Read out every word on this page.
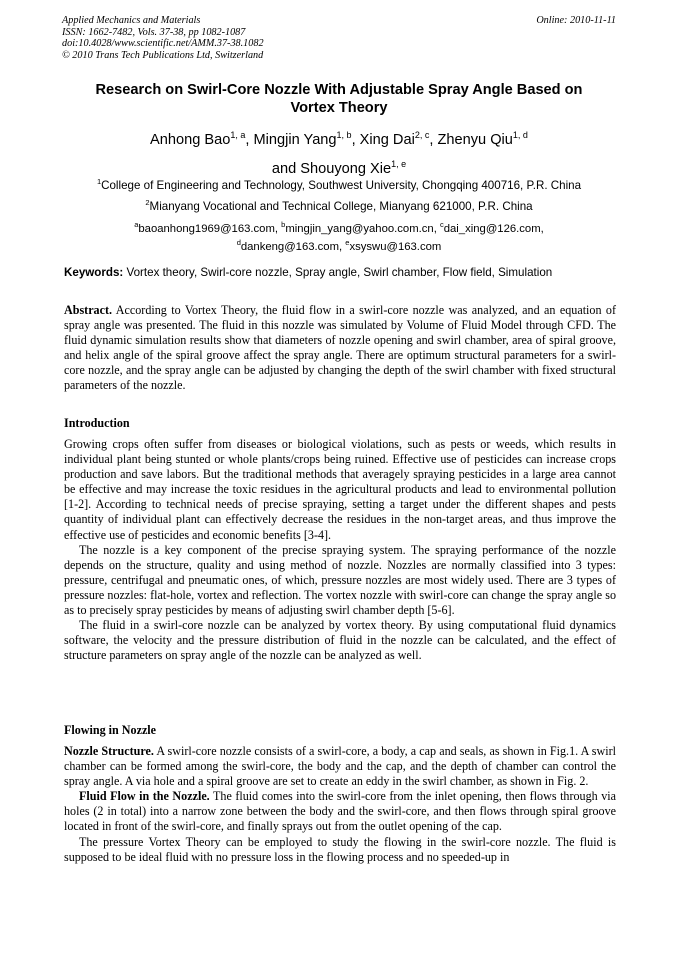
Applied Mechanics and Materials	Online: 2010-11-11
ISSN: 1662-7482, Vols. 37-38, pp 1082-1087
doi:10.4028/www.scientific.net/AMM.37-38.1082
© 2010 Trans Tech Publications Ltd, Switzerland
Research on Swirl-Core Nozzle With Adjustable Spray Angle Based on
Vortex Theory
Anhong Bao$^{1, a}$, Mingjin Yang$^{1, b}$, Xing Dai$^{2, c}$, Zhenyu Qiu$^{1, d}$
and Shouyong Xie$^{1, e}$
$^1$College of Engineering and Technology, Southwest University, Chongqing 400716, P.R. China
$^2$Mianyang Vocational and Technical College, Mianyang 621000, P.R. China
$^a$baoanhong1969@163.com, $^b$mingjin_yang@yahoo.com.cn, $^c$dai_xing@126.com,
$^d$dankeng@163.com, $^e$xsyswu@163.com
Keywords: Vortex theory, Swirl-core nozzle, Spray angle, Swirl chamber, Flow field, Simulation

Abstract. According to Vortex Theory, the fluid flow in a swirl-core nozzle was analyzed, and an equation of spray angle was presented. The fluid in this nozzle was simulated by Volume of Fluid Model through CFD. The fluid dynamic simulation results show that diameters of nozzle opening and swirl chamber, area of spiral groove, and helix angle of the spiral groove affect the spray angle. There are optimum structural parameters for a swirl-core nozzle, and the spray angle can be adjusted by changing the depth of the swirl chamber with fixed structural parameters of the nozzle.

Introduction

Growing crops often suffer from diseases or biological violations, such as pests or weeds, which results in individual plant being stunted or whole plants/crops being ruined. Effective use of pesticides can increase crops production and save labors. But the traditional methods that averagely spraying pesticides in a large area cannot be effective and may increase the toxic residues in the agricultural products and lead to environmental pollution [1-2]. According to technical needs of precise spraying, setting a target under the different shapes and pests quantity of individual plant can effectively decrease the residues in the non-target areas, and thus improve the effective use of pesticides and economic benefits [3-4].

The nozzle is a key component of the precise spraying system. The spraying performance of the nozzle depends on the structure, quality and using method of nozzle. Nozzles are normally classified into 3 types: pressure, centrifugal and pneumatic ones, of which, pressure nozzles are most widely used. There are 3 types of pressure nozzles: flat-hole, vortex and reflection. The vortex nozzle with swirl-core can change the spray angle so as to precisely spray pesticides by means of adjusting swirl chamber depth [5-6].

The fluid in a swirl-core nozzle can be analyzed by vortex theory. By using computational fluid dynamics software, the velocity and the pressure distribution of fluid in the nozzle can be calculated, and the effect of structure parameters on spray angle of the nozzle can be analyzed as well.

Flowing in Nozzle

Nozzle Structure. A swirl-core nozzle consists of a swirl-core, a body, a cap and seals, as shown in Fig.1. A swirl chamber can be formed among the swirl-core, the body and the cap, and the depth of chamber can control the spray angle. A via hole and a spiral groove are set to create an eddy in the swirl chamber, as shown in Fig. 2.

Fluid Flow in the Nozzle. The fluid comes into the swirl-core from the inlet opening, then flows through via holes (2 in total) into a narrow zone between the body and the swirl-core, and then flows through spiral groove located in front of the swirl-core, and finally sprays out from the outlet opening of the cap.

The pressure Vortex Theory can be employed to study the flowing in the swirl-core nozzle. The fluid is supposed to be ideal fluid with no pressure loss in the flowing process and no speeded-up in
